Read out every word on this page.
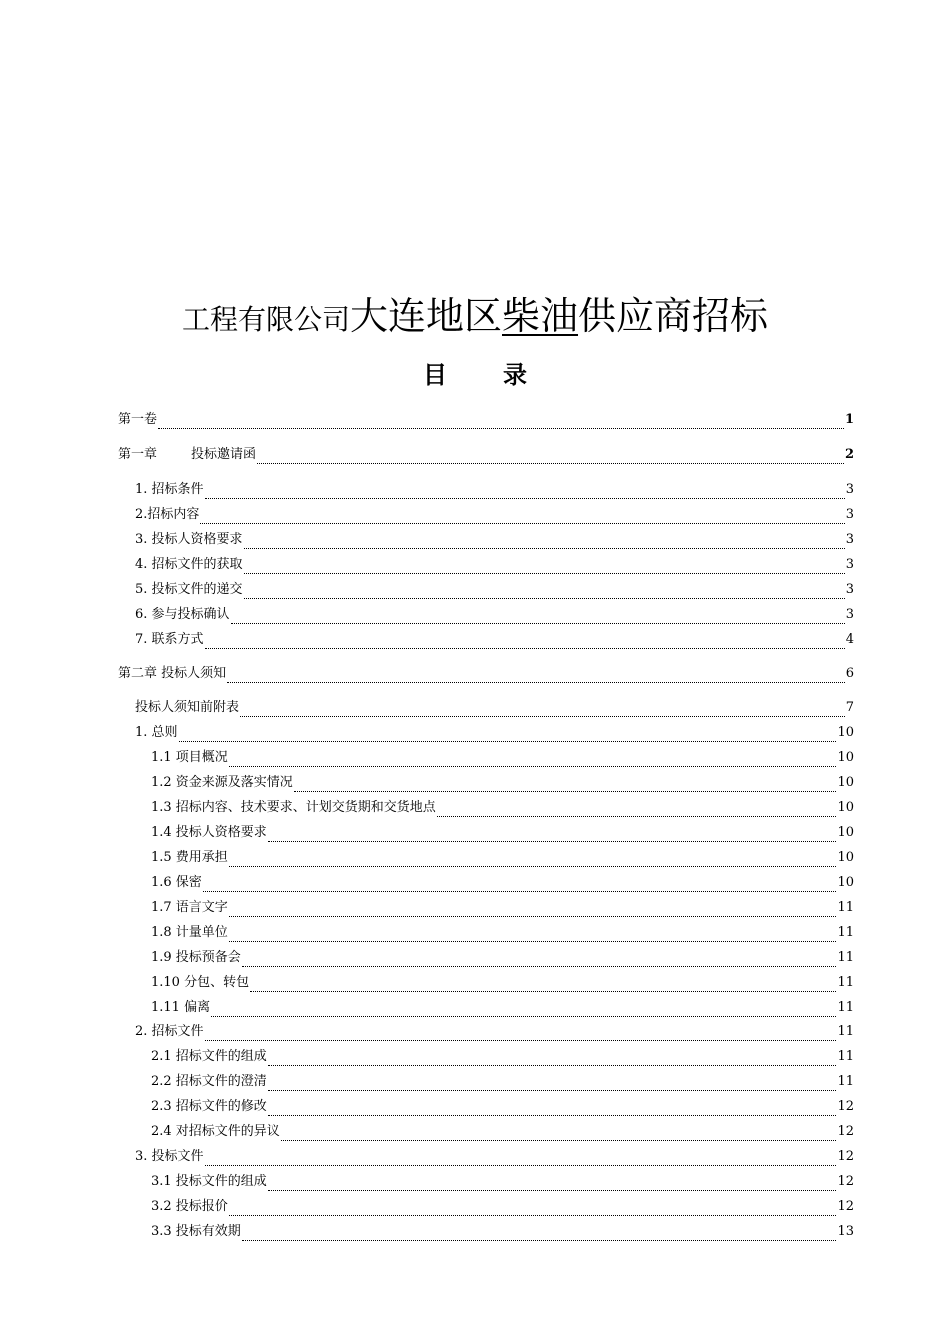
工程有限公司大连地区柴油供应商招标
目 录
第一卷	1
第一章	投标邀请函	2
1. 招标条件	3
2.招标内容	3
3. 投标人资格要求	3
4. 招标文件的获取	3
5. 投标文件的递交	3
6. 参与投标确认	3
7. 联系方式	4
第二章 投标人须知	6
投标人须知前附表	7
1. 总则	10
1.1 项目概况	10
1.2 资金来源及落实情况	10
1.3 招标内容、技术要求、计划交货期和交货地点	10
1.4 投标人资格要求	10
1.5 费用承担	10
1.6 保密	10
1.7 语言文字	11
1.8 计量单位	11
1.9 投标预备会	11
1.10 分包、转包	11
1.11 偏离	11
2. 招标文件	11
2.1 招标文件的组成	11
2.2 招标文件的澄清	11
2.3 招标文件的修改	12
2.4 对招标文件的异议	12
3. 投标文件	12
3.1 投标文件的组成	12
3.2 投标报价	12
3.3 投标有效期	13
